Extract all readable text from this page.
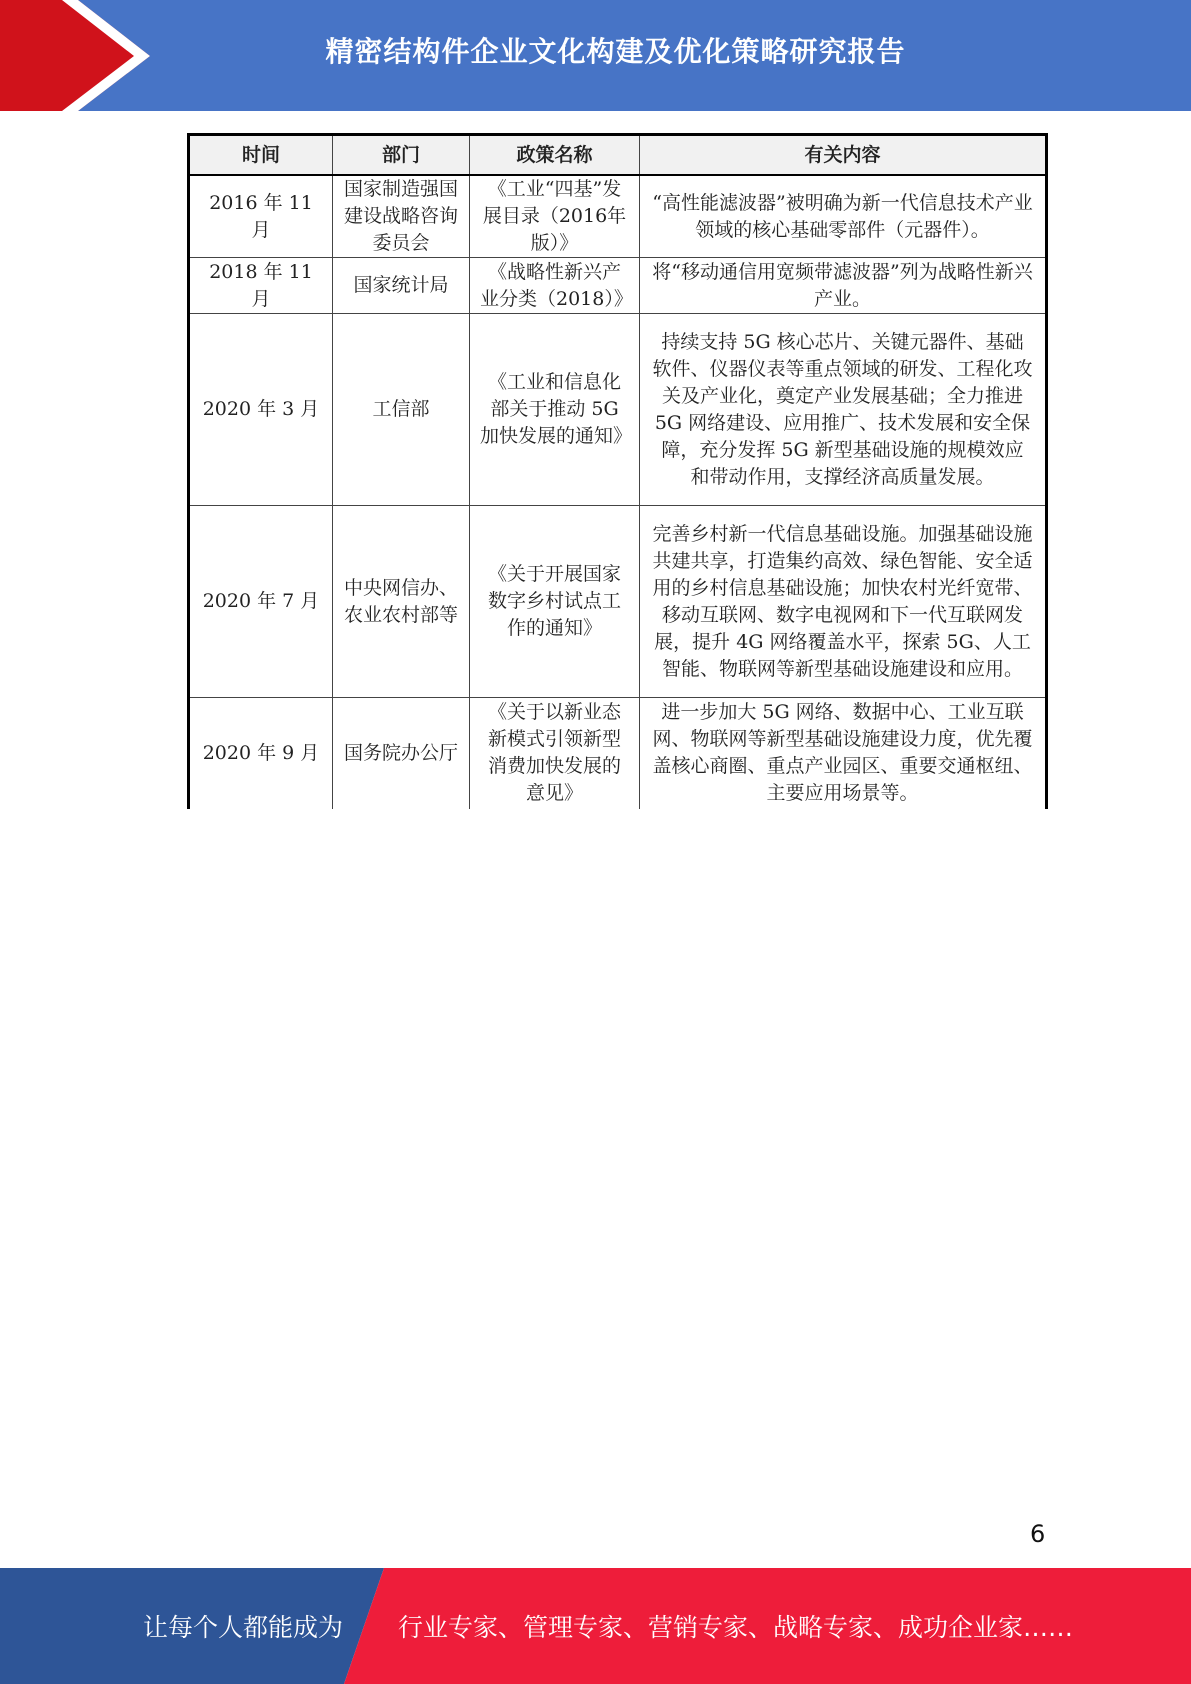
精密结构件企业文化构建及优化策略研究报告
时间	部门	政策名称	有关内容
2016 年 11 月	国家制造强国建设战略咨询委员会	《工业“四基”发展目录（2016年版）》	“高性能滤波器”被明确为新一代信息技术产业领域的核心基础零部件（元器件）。
2018 年 11 月	国家统计局	《战略性新兴产业分类（2018）》	将“移动通信用宽频带滤波器”列为战略性新兴产业。
2020 年 3 月	工信部	《工业和信息化部关于推动 5G 加快发展的通知》	持续支持 5G 核心芯片、关键元器件、基础软件、仪器仪表等重点领域的研发、工程化攻关及产业化，奠定产业发展基础；全力推进 5G 网络建设、应用推广、技术发展和安全保障，充分发挥 5G 新型基础设施的规模效应和带动作用，支撑经济高质量发展。
2020 年 7 月	中央网信办、农业农村部等	《关于开展国家数字乡村试点工作的通知》	完善乡村新一代信息基础设施。加强基础设施共建共享，打造集约高效、绿色智能、安全适用的乡村信息基础设施；加快农村光纤宽带、移动互联网、数字电视网和下一代互联网发展，提升 4G 网络覆盖水平，探索 5G、人工智能、物联网等新型基础设施建设和应用。
2020 年 9 月	国务院办公厅	《关于以新业态新模式引领新型消费加快发展的意见》	进一步加大 5G 网络、数据中心、工业互联网、物联网等新型基础设施建设力度，优先覆盖核心商圈、重点产业园区、重要交通枢纽、主要应用场景等。
6
让每个人都能成为 行业专家、管理专家、营销专家、战略专家、成功企业家……
